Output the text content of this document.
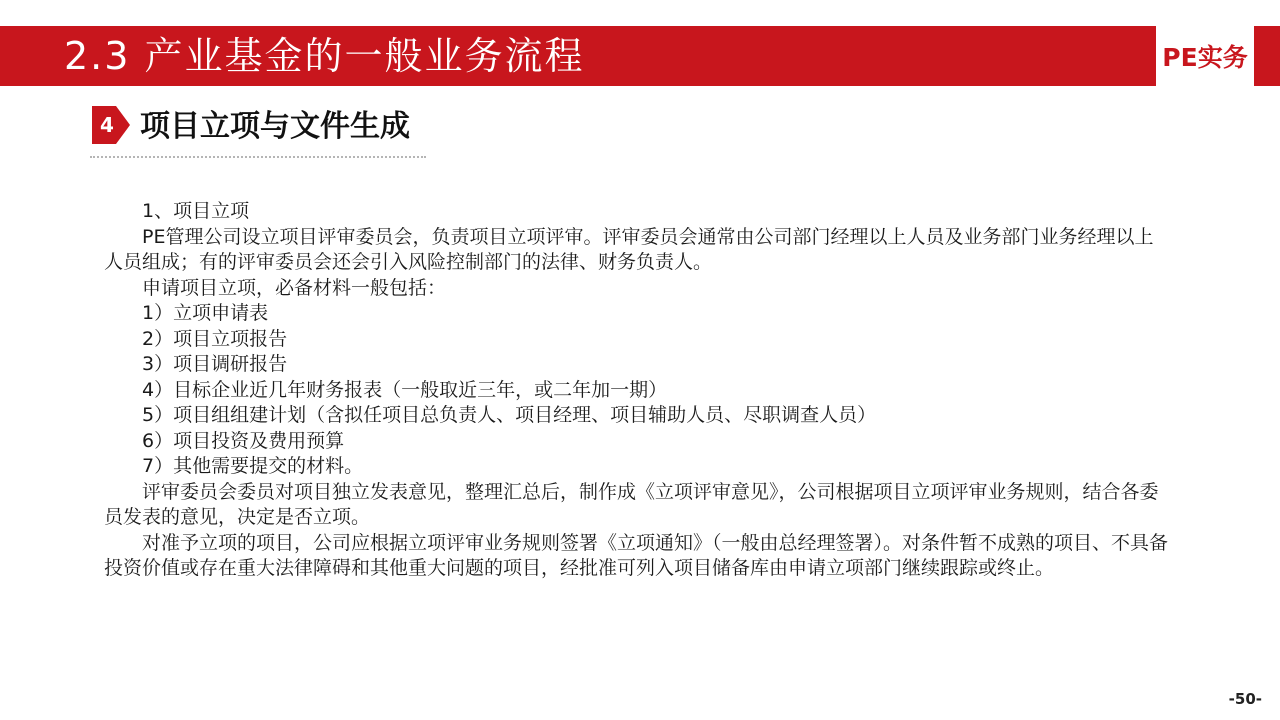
2.3 产业基金的一般业务流程	PE实务
4 项目立项与文件生成

1、项目立项

PE管理公司设立项目评审委员会，负责项目立项评审。评审委员会通常由公司部门经理以上人员及业务部门业务经理以上人员组成；有的评审委员会还会引入风险控制部门的法律、财务负责人。

申请项目立项，必备材料一般包括：

1）立项申请表

2）项目立项报告

3）项目调研报告

4）目标企业近几年财务报表（一般取近三年，或二年加一期）

5）项目组组建计划（含拟任项目总负责人、项目经理、项目辅助人员、尽职调查人员）

6）项目投资及费用预算

7）其他需要提交的材料。

评审委员会委员对项目独立发表意见，整理汇总后，制作成《立项评审意见》，公司根据项目立项评审业务规则，结合各委员发表的意见，决定是否立项。

对准予立项的项目，公司应根据立项评审业务规则签署《立项通知》（一般由总经理签署）。对条件暂不成熟的项目、不具备投资价值或存在重大法律障碍和其他重大问题的项目，经批准可列入项目储备库由申请立项部门继续跟踪或终止。

-50-
